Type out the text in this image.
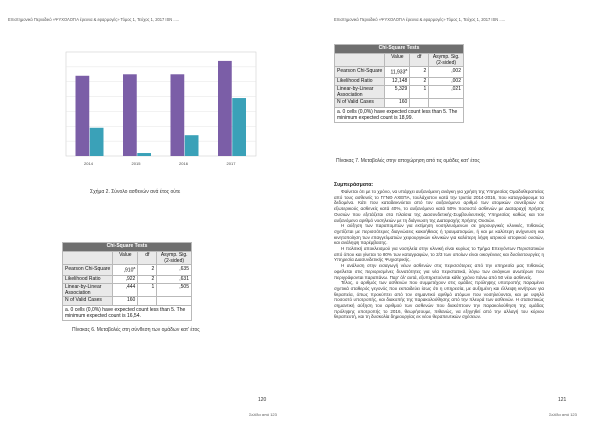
Επιστημονικό Περιοδικό «ΨΥΧΟΛΟΓΙΑ έρευνα & εφαρμογές» Τόμος 1, Τεύχος 1, 2017 ISN .....
2014	2015	2016	2017
Σχήμα 2. Σύνολο ασθενών ανά έτος ούτε
Chi-Square Tests			
	Value	df	Asymp. Sig. (2-sided)
Pearson Chi-Square	,910$^a$	2	,635
Likelihood Ratio	,922	2	,631
Linear-by-Linear Association	,444	1	,505
N of Valid Cases	160		
a. 0 cells (0,0%) have expected count less than 5. The minimum expected count is 16,54.			
Πίνακας 6. Μεταβολές στη σύνθεση των ομάδων κατ' έτος
120
Σελίδα από 123
Επιστημονικό Περιοδικό «ΨΥΧΟΛΟΓΙΑ έρευνα & εφαρμογές» Τόμος 1, Τεύχος 1, 2017 ISN .....
Chi-Square Tests			
	Value	df	Asymp. Sig. (2-sided)
Pearson Chi-Square	11,933$^a$	2	,002
Likelihood Ratio	12,148	2	,002
Linear-by-Linear Association	5,329	1	,021
N of Valid Cases	160		
a. 0 cells (0,0%) have expected count less than 5. The minimum expected count is 18,99.			
Πίνακας 7. Μεταβολές στην αποχώρηση από τις ομάδες κατ' έτος
121
Σελίδα από 123
Συμπεράσματα:

Φαίνεται ότι με το χρόνο, να υπάρχει αυξανόμενη ανάγκη για χρήση της Υπηρεσίας Ομαδοθεραπείας από τους ασθενείς το ΓΓΝΘ ΑΧΕΠΑ, τουλάχιστον κατά την τριετία 2014-2016, που καταγράφουμε τα δεδομένα. Κάτι που καταδεικνύεται από τον αυξανόμενο αριθμό των ατομικών συνεδριών σε εξωτερικούς ασθενείς κατά 40%, το αυξανόμενο κατά 50% ποσοστό ασθενών με Διαταραχή Χρήσης Ουσιών που εξετάζεται στα πλαίσια της Διασυνδετικής-Συμβουλευτικής Υπηρεσίας καθώς και τον αυξανόμενο αριθμό νοσηλειών με τη διάγνωση της Διαταραχής Χρήσης Ουσιών.

Η αύξηση των παραπομπών για εκτίμηση νοσηλευόμενων σε χειρουργικές κλινικές, πιθανώς σχετίζεται με περισσότερες διαγνώσεις κακοήθειας ή τραυματισμών, ή και με καλύτερη ανίχνευση και κινητοποίηση των επαγγελματιών χειρουργικών κλινικών για καλύτερη λήψη ιατρικού ιστορικού ουσιών, και ανάληψη παρέμβασης.

Η πολιτική αποκλεισμού για νοσηλεία στην κλινική είναι κυρίως το Τμήμα Επειγόντων Περιστατικών από όπου και γίνεται το 80% των καταγραφών, το 2/3 των οποίων είναι οικογένειες και δυσλειτουργίες η Υπηρεσία Διασυνδετικής Ψυχιατρικής.

Η ανάλυση στην εισαγωγή νέων ασθενών στις περισσότερες από την υπηρεσία μας πιθανώς οφείλεται στις περιορισμένες δυνατότητες για νέα περιστατικά, λόγω των ανάγκων ανωτέρων που περιγράφονται παραπάνω. Παρ' όλ' αυτά, εξυπηρετούνται κάθε χρόνο πάνω από 50 νέοι ασθενείς.

Τέλος, ο αριθμός των ασθενών που συμμετέχουν στις ομάδες πρόληψης υποτροπής παραμένει σχετικά σταθερός γεγονός που εκπαιδεύει ίσως ότι η υπηρεσία, με αυξημένη και έλλειψη κινήτρων για θεραπεία, όπως προκύπτει από τον σημαντικό αριθμό ατόμων που νοσηλεύονται, και με υψηλό ποσοστό υποτροπής, και διακοπής της παρακολούθησης από την πλευρά των ασθενών. Η στατιστικώς σημαντική αύξηση του αριθμού των ασθενών που διακόπτουν την παρακολούθηση της ομάδας πρόληψης υποτροπής το 2016, θεωρήσουμε, πιθανώς, να εξηγηθεί από την αλλαγή του κύριου θεραπευτή, και τη δυσκολία δημιουργίας εκ νέου θεραπευτικών σχέσεων.
